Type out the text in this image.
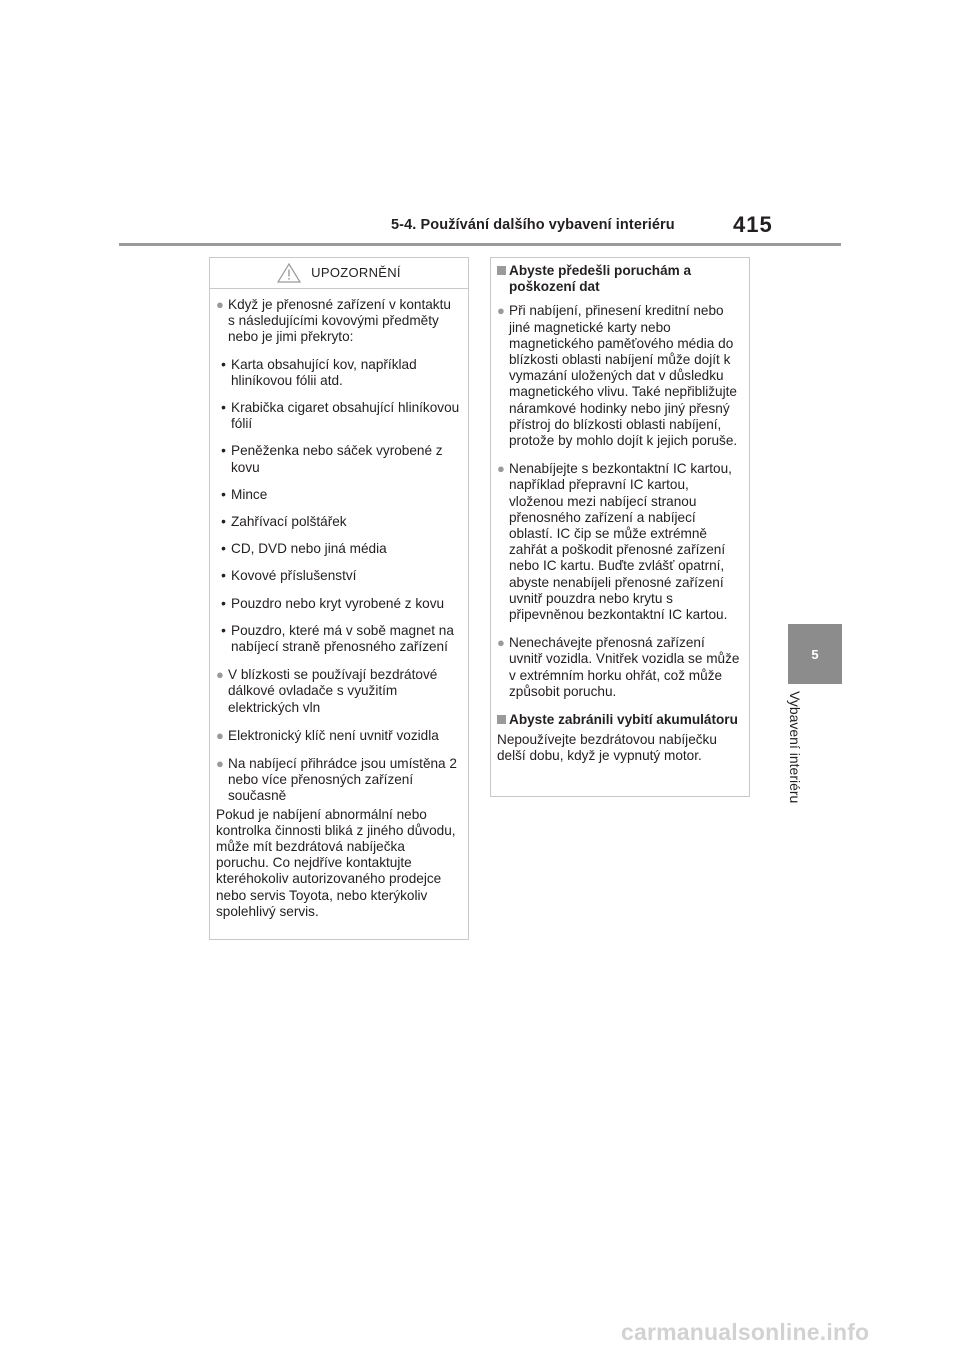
5-4. Používání dalšího vybavení interiéru	415
5
Vybavení interiéru
UPOZORNĚNÍ
● Když je přenosné zařízení v kontaktu s následujícími kovovými předměty nebo je jimi překryto:
• Karta obsahující kov, například hliníkovou fólii atd.
• Krabička cigaret obsahující hliníkovou fólií
• Peněženka nebo sáček vyrobené z kovu
• Mince
• Zahřívací polštářek
• CD, DVD nebo jiná média
• Kovové příslušenství
• Pouzdro nebo kryt vyrobené z kovu
• Pouzdro, které má v sobě magnet na nabíjecí straně přenosného zařízení
● V blízkosti se používají bezdrátové dálkové ovladače s využitím elektrických vln
● Elektronický klíč není uvnitř vozidla
● Na nabíjecí přihrádce jsou umístěna 2 nebo více přenosných zařízení současně
Pokud je nabíjení abnormální nebo kontrolka činnosti bliká z jiného důvodu, může mít bezdrátová nabíječka poruchu. Co nejdříve kontaktujte kteréhokoliv autorizovaného prodejce nebo servis Toyota, nebo kterýkoliv spolehlivý servis.
Abyste předešli poruchám a poškození dat
● Při nabíjení, přinesení kreditní nebo jiné magnetické karty nebo magnetického paměťového média do blízkosti oblasti nabíjení může dojít k vymazání uložených dat v důsledku magnetického vlivu. Také nepřibližujte náramkové hodinky nebo jiný přesný přístroj do blízkosti oblasti nabíjení, protože by mohlo dojít k jejich poruše.
● Nenabíjejte s bezkontaktní IC kartou, například přepravní IC kartou, vloženou mezi nabíjecí stranou přenosného zařízení a nabíjecí oblastí. IC čip se může extrémně zahřát a poškodit přenosné zařízení nebo IC kartu. Buďte zvlášť opatrní, abyste nenabíjeli přenosné zařízení uvnitř pouzdra nebo krytu s připevněnou bezkontaktní IC kartou.
● Nenechávejte přenosná zařízení uvnitř vozidla. Vnitřek vozidla se může v extrémním horku ohřát, což může způsobit poruchu.
Abyste zabránili vybití akumulátoru
Nepoužívejte bezdrátovou nabíječku delší dobu, když je vypnutý motor.
carmanualsonline.info
